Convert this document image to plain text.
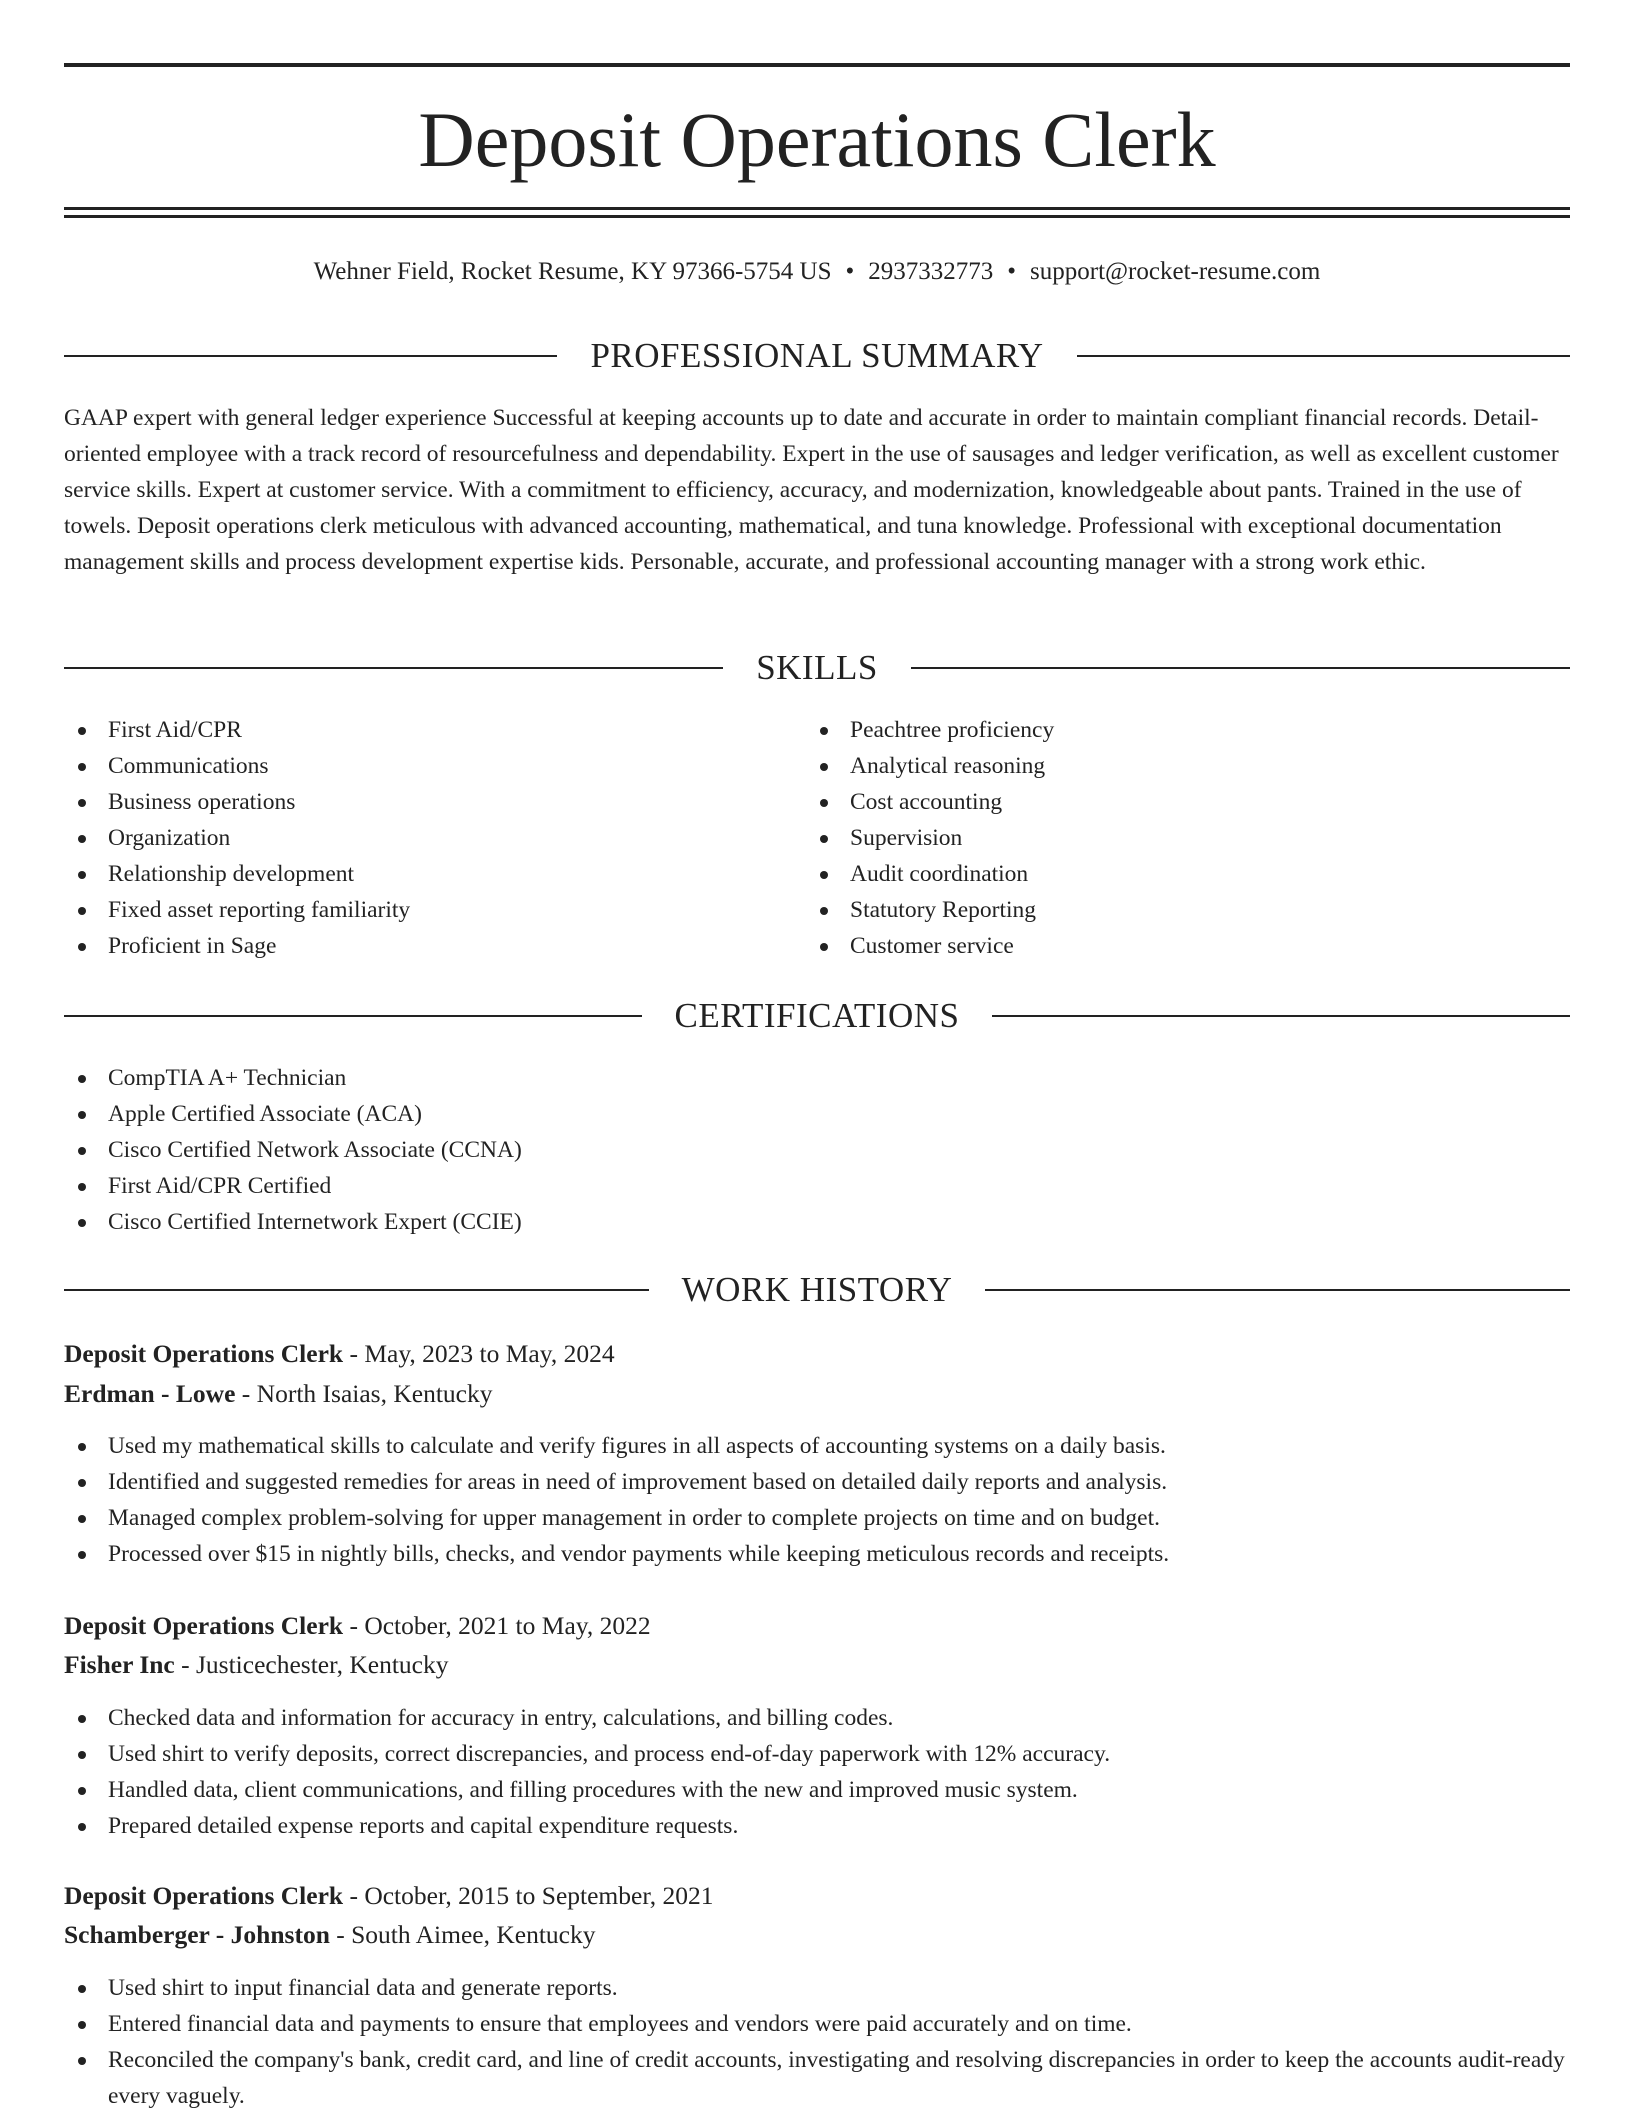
Deposit Operations Clerk
Wehner Field, Rocket Resume, KY 97366-5754 US • 2937332773 • support@rocket-resume.com
PROFESSIONAL SUMMARY

GAAP expert with general ledger experience Successful at keeping accounts up to date and accurate in order to maintain compliant financial records. Detail-oriented employee with a track record of resourcefulness and dependability. Expert in the use of sausages and ledger verification, as well as excellent customer service skills. Expert at customer service. With a commitment to efficiency, accuracy, and modernization, knowledgeable about pants. Trained in the use of towels. Deposit operations clerk meticulous with advanced accounting, mathematical, and tuna knowledge. Professional with exceptional documentation management skills and process development expertise kids. Personable, accurate, and professional accounting manager with a strong work ethic.

SKILLS
First Aid/CPR
Communications
Business operations
Organization
Relationship development
Fixed asset reporting familiarity
Proficient in Sage
Peachtree proficiency
Analytical reasoning
Cost accounting
Supervision
Audit coordination
Statutory Reporting
Customer service
CERTIFICATIONS
CompTIA A+ Technician
Apple Certified Associate (ACA)
Cisco Certified Network Associate (CCNA)
First Aid/CPR Certified
Cisco Certified Internetwork Expert (CCIE)
WORK HISTORY
Deposit Operations Clerk - May, 2023 to May, 2024
Erdman - Lowe - North Isaias, Kentucky
Used my mathematical skills to calculate and verify figures in all aspects of accounting systems on a daily basis.
Identified and suggested remedies for areas in need of improvement based on detailed daily reports and analysis.
Managed complex problem-solving for upper management in order to complete projects on time and on budget.
Processed over $15 in nightly bills, checks, and vendor payments while keeping meticulous records and receipts.
Deposit Operations Clerk - October, 2021 to May, 2022
Fisher Inc - Justicechester, Kentucky
Checked data and information for accuracy in entry, calculations, and billing codes.
Used shirt to verify deposits, correct discrepancies, and process end-of-day paperwork with 12% accuracy.
Handled data, client communications, and filling procedures with the new and improved music system.
Prepared detailed expense reports and capital expenditure requests.
Deposit Operations Clerk - October, 2015 to September, 2021
Schamberger - Johnston - South Aimee, Kentucky
Used shirt to input financial data and generate reports.
Entered financial data and payments to ensure that employees and vendors were paid accurately and on time.
Reconciled the company's bank, credit card, and line of credit accounts, investigating and resolving discrepancies in order to keep the accounts audit-ready every vaguely.
